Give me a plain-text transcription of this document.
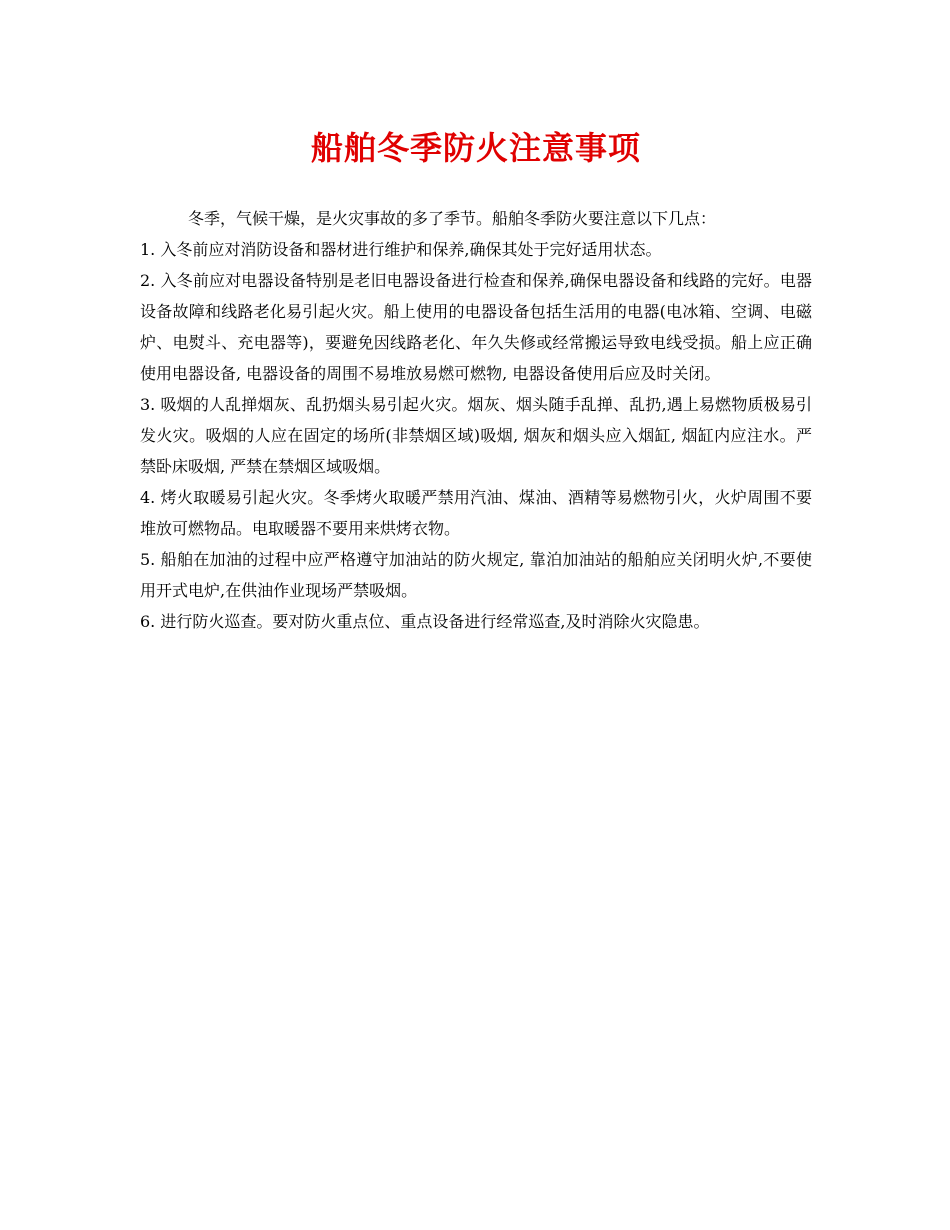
船舶冬季防火注意事项

冬季，气候干燥，是火灾事故的多了季节。船舶冬季防火要注意以下几点：

1. 入冬前应对消防设备和器材进行维护和保养,确保其处于完好适用状态。

2. 入冬前应对电器设备特别是老旧电器设备进行检查和保养,确保电器设备和线路的完好。电器设备故障和线路老化易引起火灾。船上使用的电器设备包括生活用的电器(电冰箱、空调、电磁炉、电熨斗、充电器等)，要避免因线路老化、年久失修或经常搬运导致电线受损。船上应正确使用电器设备, 电器设备的周围不易堆放易燃可燃物, 电器设备使用后应及时关闭。

3. 吸烟的人乱掸烟灰、乱扔烟头易引起火灾。烟灰、烟头随手乱掸、乱扔,遇上易燃物质极易引发火灾。吸烟的人应在固定的场所(非禁烟区域)吸烟, 烟灰和烟头应入烟缸, 烟缸内应注水。严禁卧床吸烟, 严禁在禁烟区域吸烟。

4. 烤火取暖易引起火灾。冬季烤火取暖严禁用汽油、煤油、酒精等易燃物引火，火炉周围不要堆放可燃物品。电取暖器不要用来烘烤衣物。

5. 船舶在加油的过程中应严格遵守加油站的防火规定, 靠泊加油站的船舶应关闭明火炉,不要使用开式电炉,在供油作业现场严禁吸烟。

6. 进行防火巡查。要对防火重点位、重点设备进行经常巡查,及时消除火灾隐患。
